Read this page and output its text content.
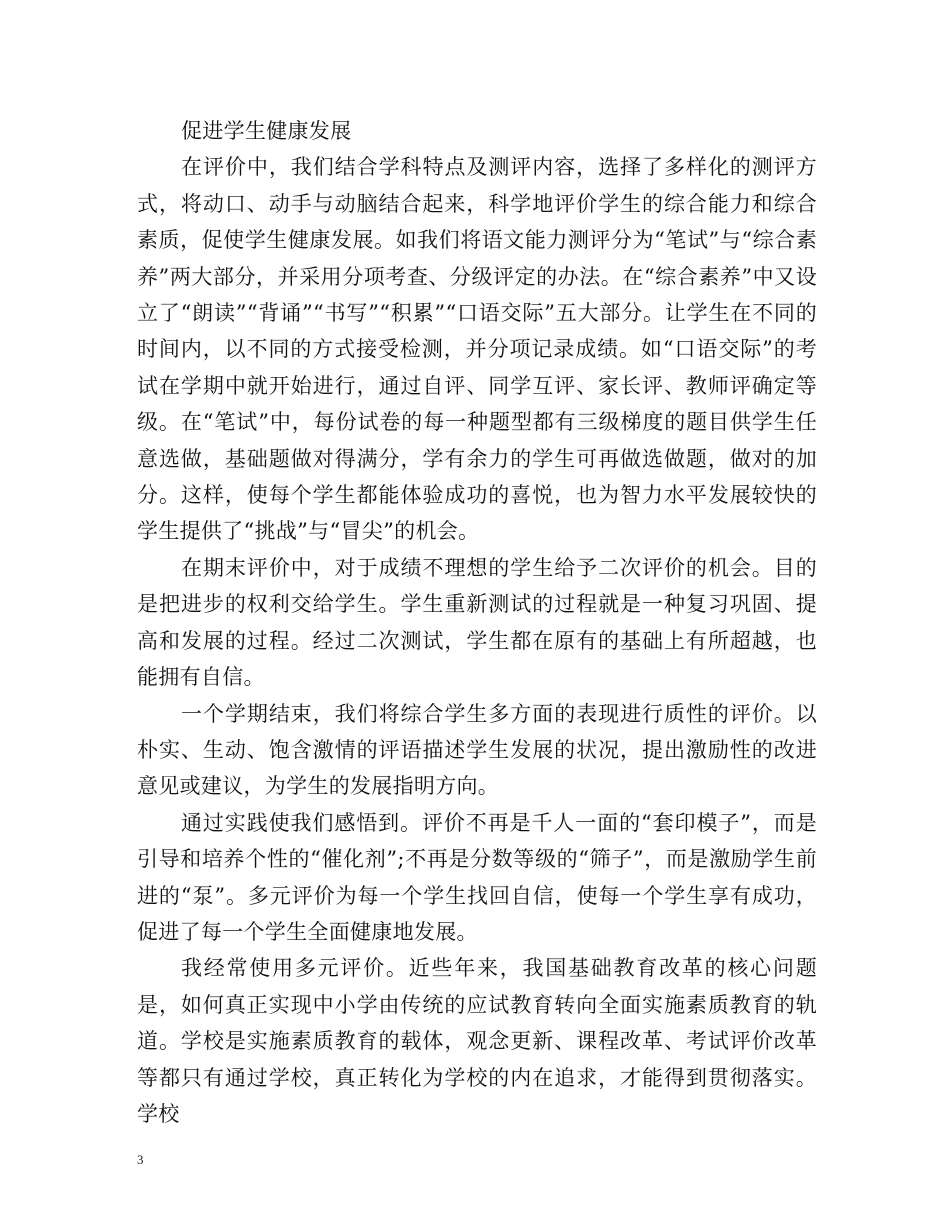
促进学生健康发展

在评价中，我们结合学科特点及测评内容，选择了多样化的测评方式，将动口、动手与动脑结合起来，科学地评价学生的综合能力和综合素质，促使学生健康发展。如我们将语文能力测评分为“笔试”与“综合素养”两大部分，并采用分项考查、分级评定的办法。在“综合素养”中又设立了“朗读”“背诵”“书写”“积累”“口语交际”五大部分。让学生在不同的时间内，以不同的方式接受检测，并分项记录成绩。如“口语交际”的考试在学期中就开始进行，通过自评、同学互评、家长评、教师评确定等级。在“笔试”中，每份试卷的每一种题型都有三级梯度的题目供学生任意选做，基础题做对得满分，学有余力的学生可再做选做题，做对的加分。这样，使每个学生都能体验成功的喜悦，也为智力水平发展较快的学生提供了“挑战”与“冒尖”的机会。

在期末评价中，对于成绩不理想的学生给予二次评价的机会。目的是把进步的权利交给学生。学生重新测试的过程就是一种复习巩固、提高和发展的过程。经过二次测试，学生都在原有的基础上有所超越，也能拥有自信。

一个学期结束，我们将综合学生多方面的表现进行质性的评价。以朴实、生动、饱含激情的评语描述学生发展的状况，提出激励性的改进意见或建议，为学生的发展指明方向。

通过实践使我们感悟到。评价不再是千人一面的“套印模子”，而是引导和培养个性的“催化剂”;不再是分数等级的“筛子”，而是激励学生前进的“泵”。多元评价为每一个学生找回自信，使每一个学生享有成功，促进了每一个学生全面健康地发展。

我经常使用多元评价。近些年来，我国基础教育改革的核心问题是，如何真正实现中小学由传统的应试教育转向全面实施素质教育的轨道。学校是实施素质教育的载体，观念更新、课程改革、考试评价改革等都只有通过学校，真正转化为学校的内在追求，才能得到贯彻落实。学校

3
